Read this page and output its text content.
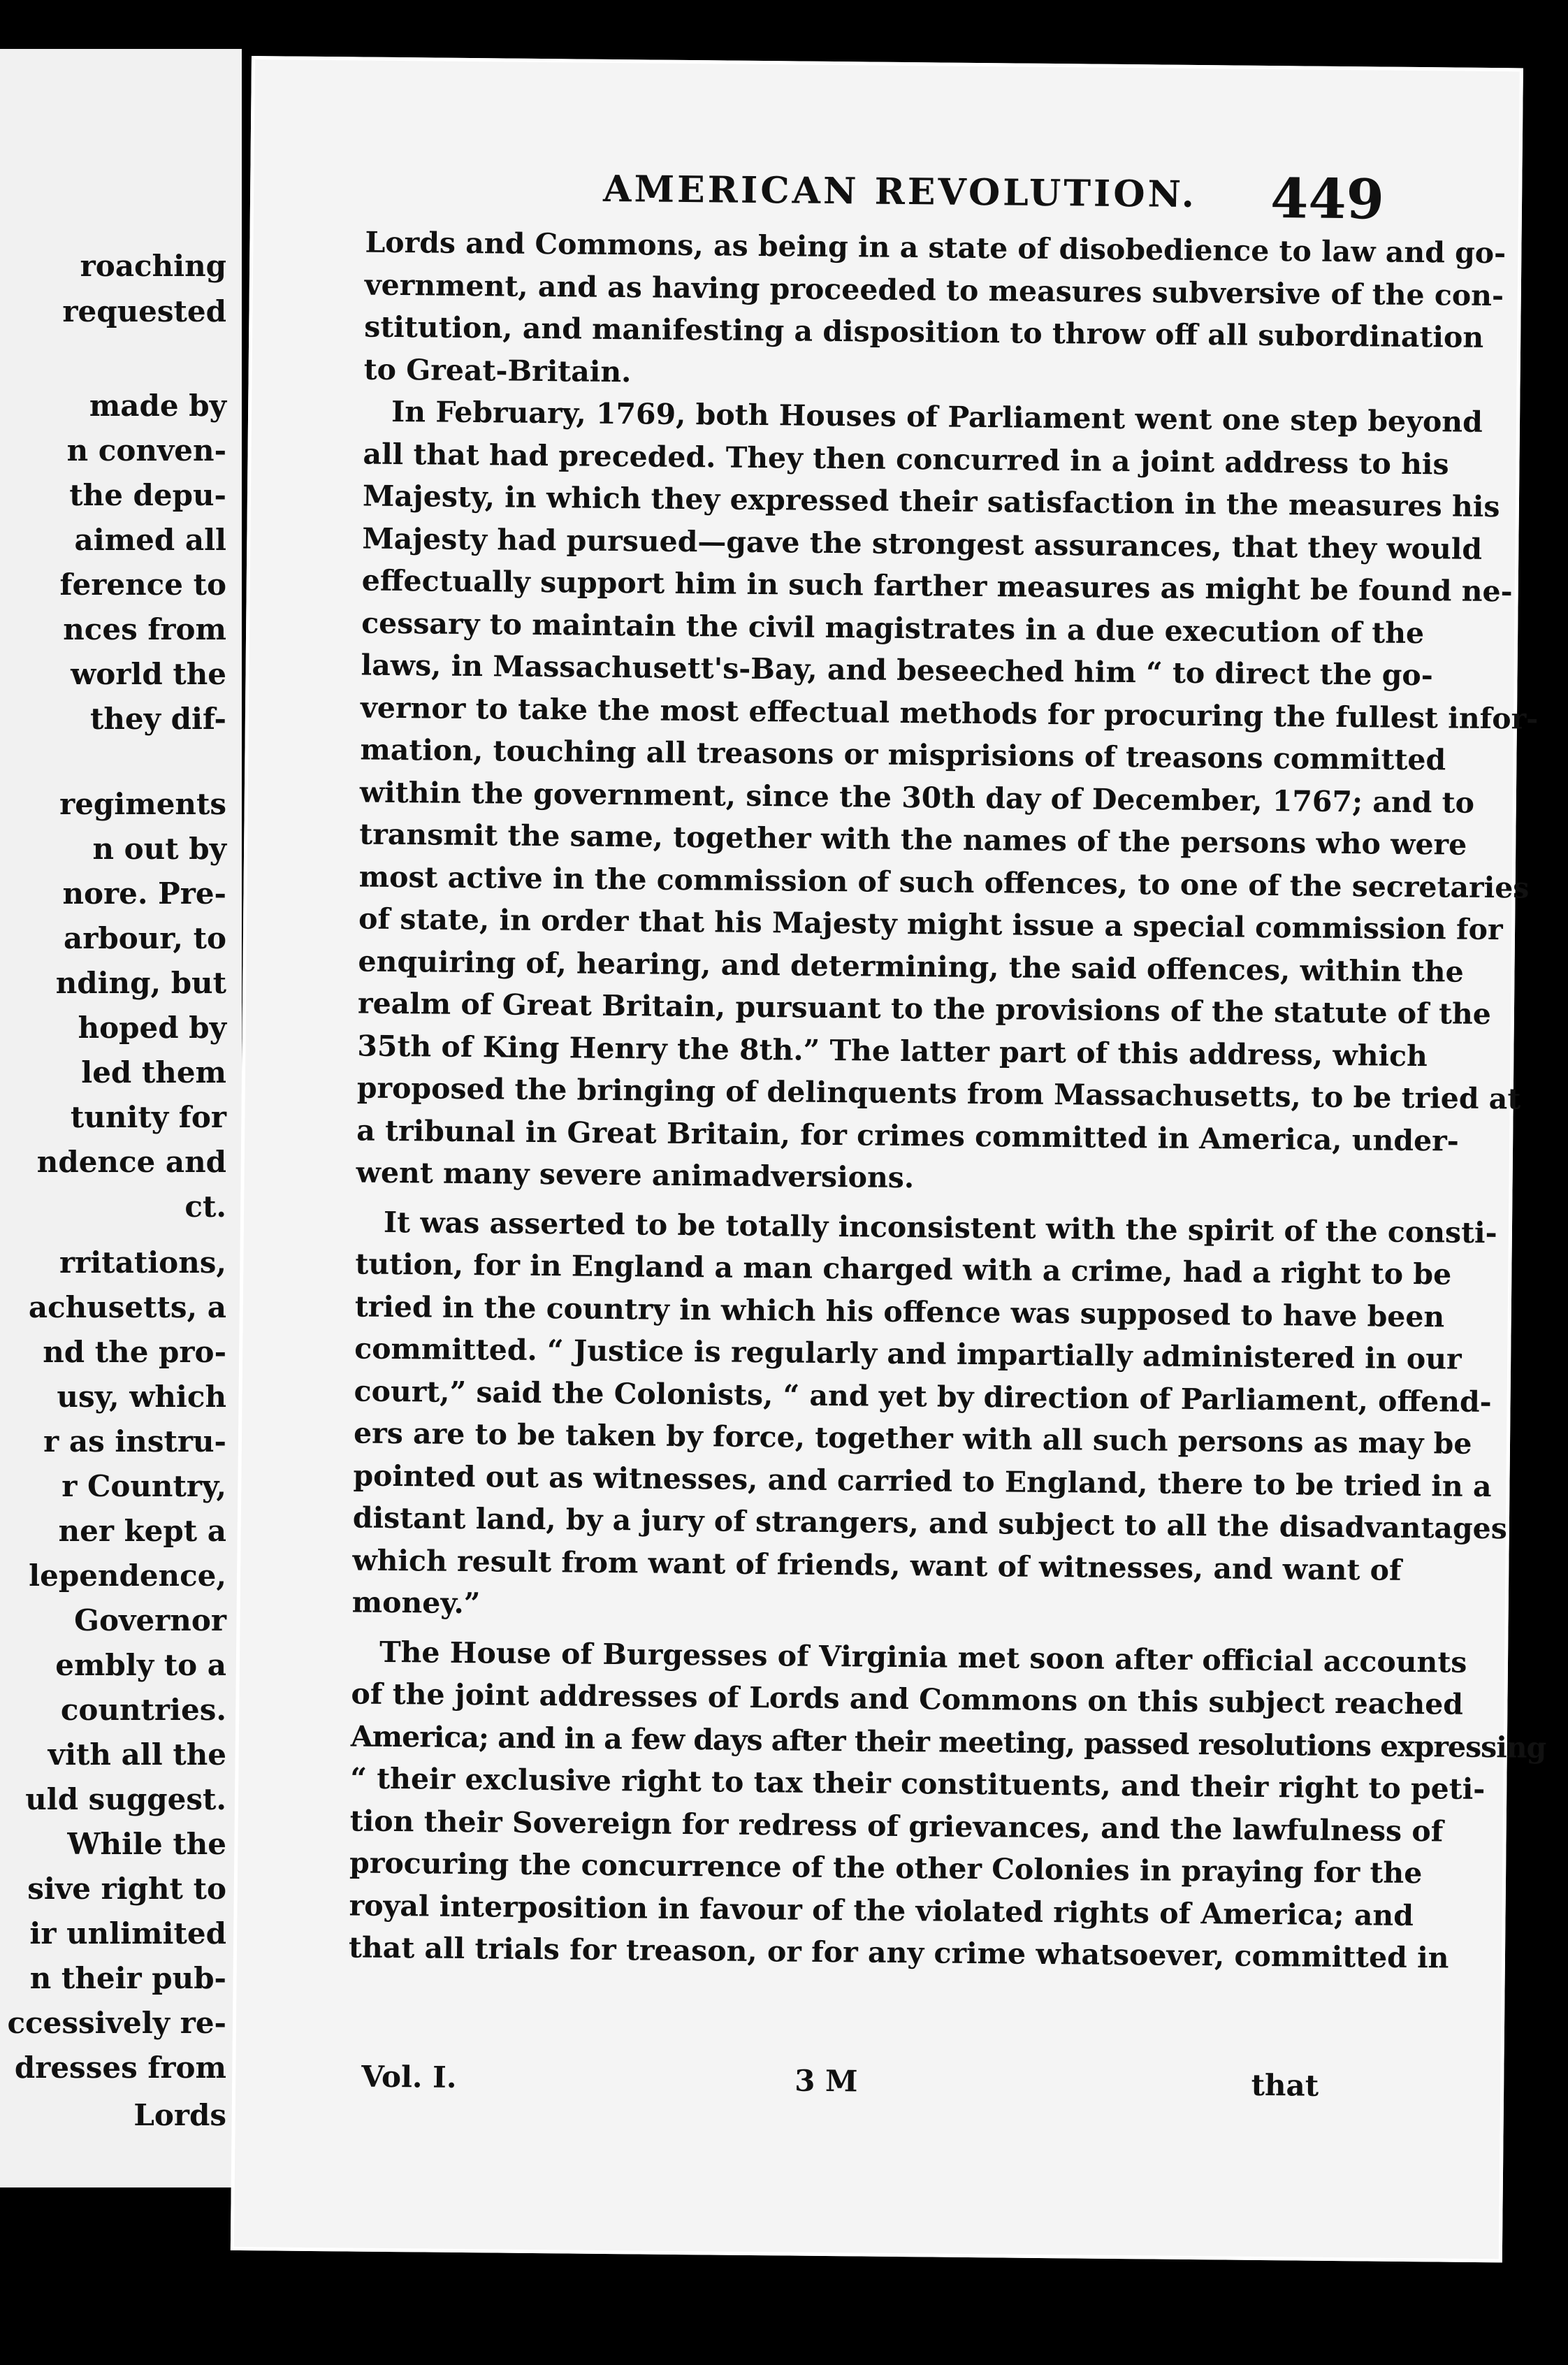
roaching
requested
made by
n conven-
the depu-
aimed all
ference to
nces from
world the
they dif-
regiments
n out by
nore. Pre-
arbour, to
nding, but
hoped by
led them
tunity for
ndence and
ct.
rritations,
achusetts, a
nd the pro-
usy, which
r as instru-
r Country,
ner kept a
lependence,
Governor
embly to a
countries.
vith all the
uld suggest.
While the
sive right to
ir unlimited
n their pub-
ccessively re-
dresses from
Lords
AMERICAN REVOLUTION. 449
Lords and Commons, as being in a state of disobedience to law and go-
vernment, and as having proceeded to measures subversive of the con-
stitution, and manifesting a disposition to throw off all subordination
to Great-Britain.
In February, 1769, both Houses of Parliament went one step beyond
all that had preceded. They then concurred in a joint address to his
Majesty, in which they expressed their satisfaction in the measures his
Majesty had pursued—gave the strongest assurances, that they would
effectually support him in such farther measures as might be found ne-
cessary to maintain the civil magistrates in a due execution of the
laws, in Massachusett's-Bay, and beseeched him “ to direct the go-
vernor to take the most effectual methods for procuring the fullest infor-
mation, touching all treasons or misprisions of treasons committed
within the government, since the 30th day of December, 1767; and to
transmit the same, together with the names of the persons who were
most active in the commission of such offences, to one of the secretaries
of state, in order that his Majesty might issue a special commission for
enquiring of, hearing, and determining, the said offences, within the
realm of Great Britain, pursuant to the provisions of the statute of the
35th of King Henry the 8th.” The latter part of this address, which
proposed the bringing of delinquents from Massachusetts, to be tried at
a tribunal in Great Britain, for crimes committed in America, under-
went many severe animadversions.
It was asserted to be totally inconsistent with the spirit of the consti-
tution, for in England a man charged with a crime, had a right to be
tried in the country in which his offence was supposed to have been
committed. “ Justice is regularly and impartially administered in our
court,” said the Colonists, “ and yet by direction of Parliament, offend-
ers are to be taken by force, together with all such persons as may be
pointed out as witnesses, and carried to England, there to be tried in a
distant land, by a jury of strangers, and subject to all the disadvantages
which result from want of friends, want of witnesses, and want of
money.”
The House of Burgesses of Virginia met soon after official accounts
of the joint addresses of Lords and Commons on this subject reached
America; and in a few days after their meeting, passed resolutions expressing
“ their exclusive right to tax their constituents, and their right to peti-
tion their Sovereign for redress of grievances, and the lawfulness of
procuring the concurrence of the other Colonies in praying for the
royal interposition in favour of the violated rights of America; and
that all trials for treason, or for any crime whatsoever, committed in
Vol. I.	3 M	that
